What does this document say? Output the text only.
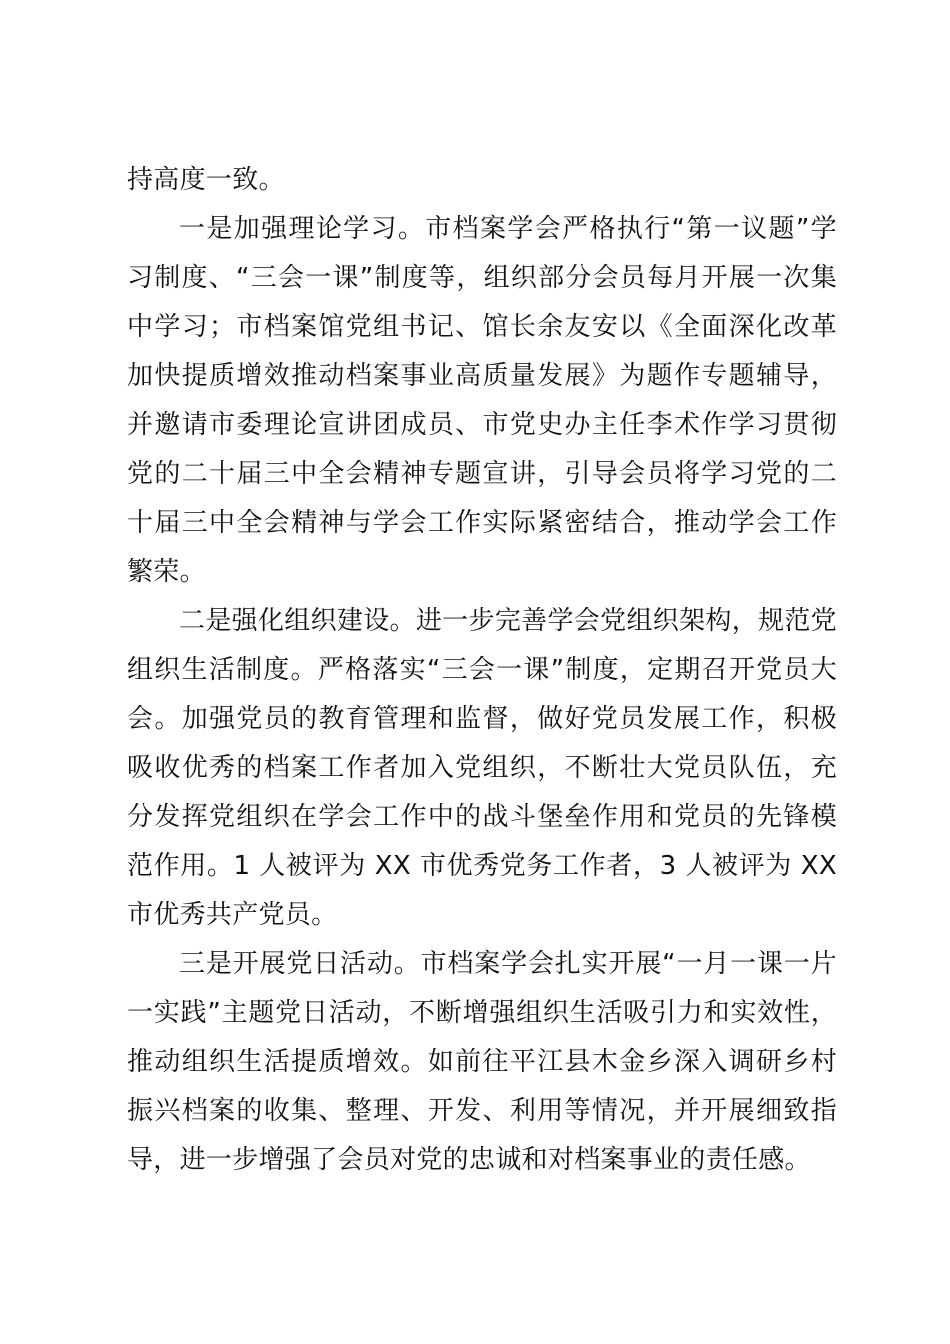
持高度一致。

一是加强理论学习。市档案学会严格执行“第一议题”学习制度、“三会一课”制度等，组织部分会员每月开展一次集中学习；市档案馆党组书记、馆长余友安以《全面深化改革加快提质增效推动档案事业高质量发展》为题作专题辅导，并邀请市委理论宣讲团成员、市党史办主任李术作学习贯彻党的二十届三中全会精神专题宣讲，引导会员将学习党的二十届三中全会精神与学会工作实际紧密结合，推动学会工作繁荣。

二是强化组织建设。进一步完善学会党组织架构，规范党组织生活制度。严格落实“三会一课”制度，定期召开党员大会。加强党员的教育管理和监督，做好党员发展工作，积极吸收优秀的档案工作者加入党组织，不断壮大党员队伍，充分发挥党组织在学会工作中的战斗堡垒作用和党员的先锋模范作用。1 人被评为 XX 市优秀党务工作者，3 人被评为 XX 市优秀共产党员。

三是开展党日活动。市档案学会扎实开展“一月一课一片一实践”主题党日活动，不断增强组织生活吸引力和实效性，推动组织生活提质增效。如前往平江县木金乡深入调研乡村振兴档案的收集、整理、开发、利用等情况，并开展细致指导，进一步增强了会员对党的忠诚和对档案事业的责任感。
